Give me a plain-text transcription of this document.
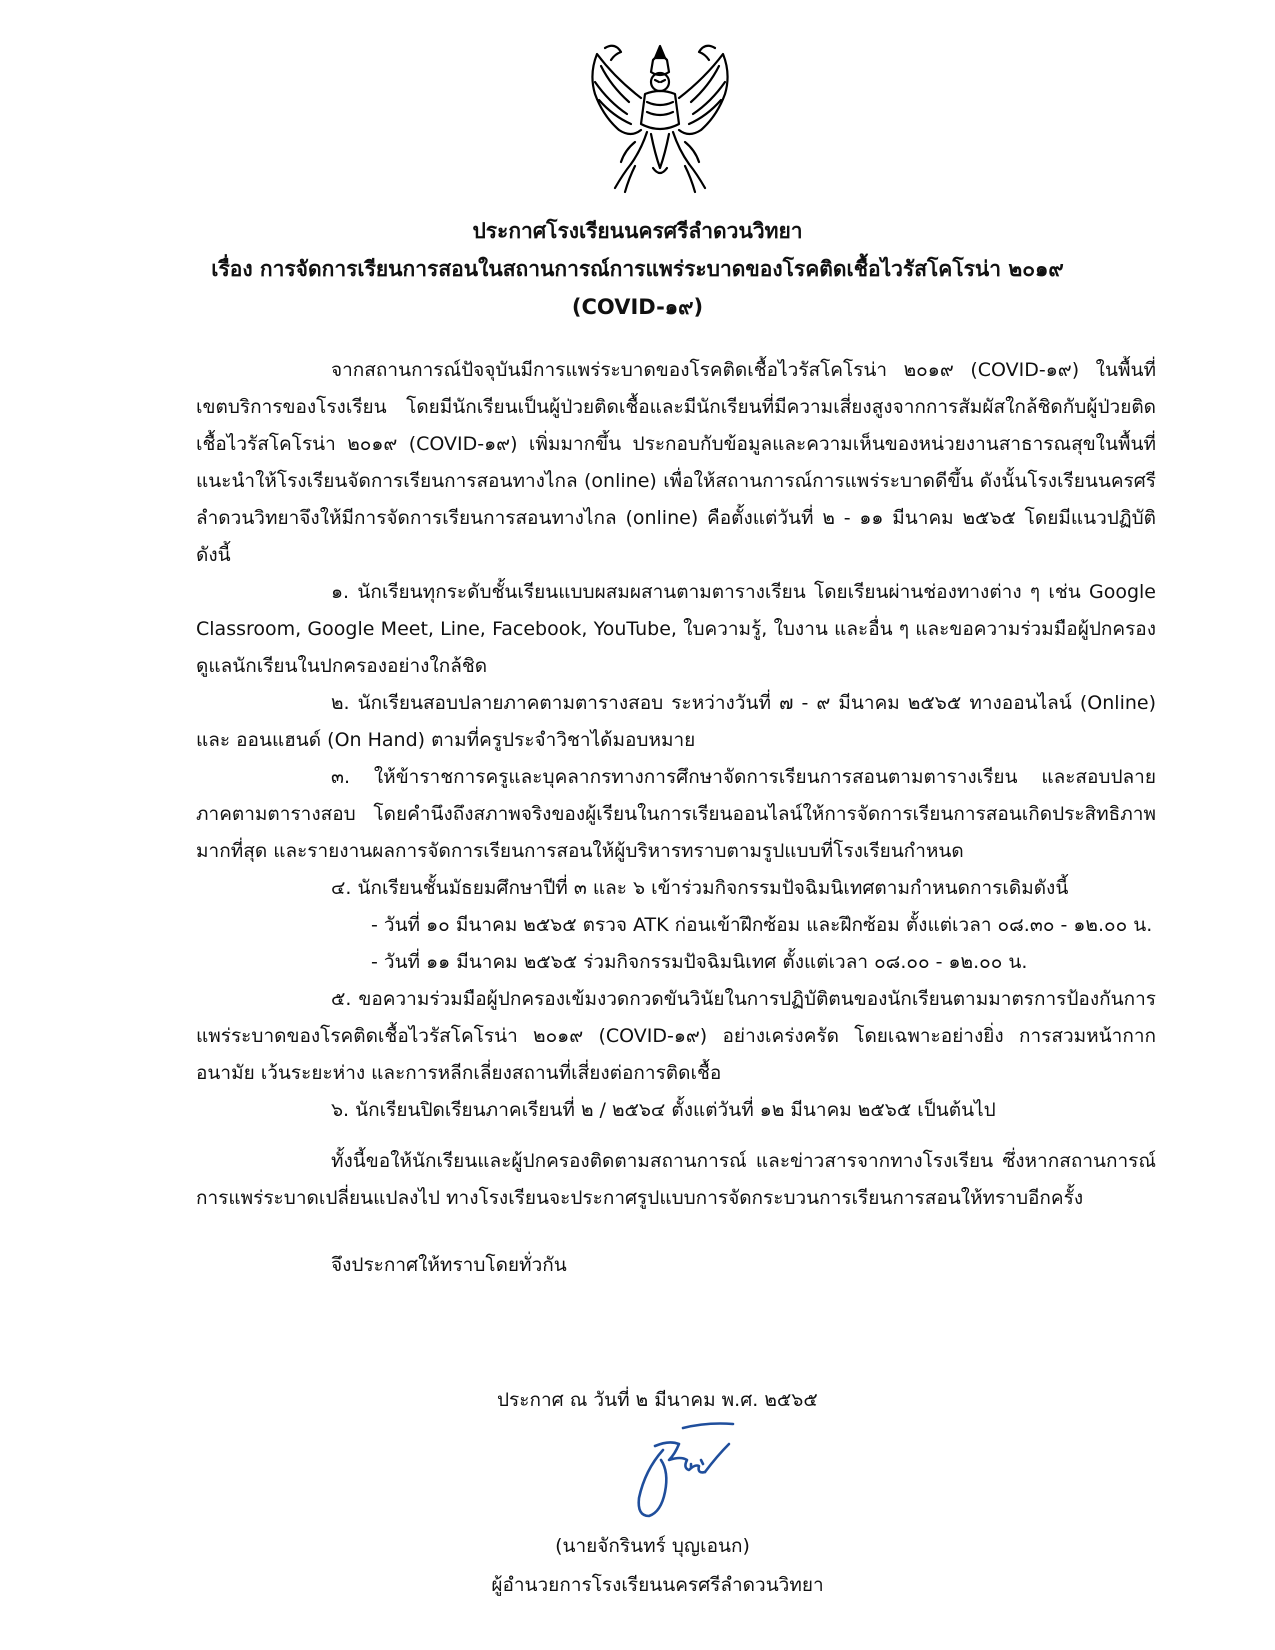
ประกาศโรงเรียนนครศรีลำดวนวิทยา
เรื่อง การจัดการเรียนการสอนในสถานการณ์การแพร่ระบาดของโรคติดเชื้อไวรัสโคโรน่า ๒๐๑๙
(COVID-๑๙)

จากสถานการณ์ปัจจุบันมีการแพร่ระบาดของโรคติดเชื้อไวรัสโคโรน่า ๒๐๑๙ (COVID-๑๙) ในพื้นที่เขตบริการของโรงเรียน โดยมีนักเรียนเป็นผู้ป่วยติดเชื้อและมีนักเรียนที่มีความเสี่ยงสูงจากการสัมผัสใกล้ชิดกับผู้ป่วยติดเชื้อไวรัสโคโรน่า ๒๐๑๙ (COVID-๑๙) เพิ่มมากขึ้น ประกอบกับข้อมูลและความเห็นของหน่วยงานสาธารณสุขในพื้นที่แนะนำให้โรงเรียนจัดการเรียนการสอนทางไกล (online) เพื่อให้สถานการณ์การแพร่ระบาดดีขึ้น ดังนั้นโรงเรียนนครศรีลำดวนวิทยาจึงให้มีการจัดการเรียนการสอนทางไกล (online) คือตั้งแต่วันที่ ๒ - ๑๑ มีนาคม ๒๕๖๕ โดยมีแนวปฏิบัติดังนี้

๑. นักเรียนทุกระดับชั้นเรียนแบบผสมผสานตามตารางเรียน โดยเรียนผ่านช่องทางต่าง ๆ เช่น Google Classroom, Google Meet, Line, Facebook, YouTube, ใบความรู้, ใบงาน และอื่น ๆ และขอความร่วมมือผู้ปกครองดูแลนักเรียนในปกครองอย่างใกล้ชิด

๒. นักเรียนสอบปลายภาคตามตารางสอบ ระหว่างวันที่ ๗ - ๙ มีนาคม ๒๕๖๕ ทางออนไลน์ (Online) และ ออนแฮนด์ (On Hand) ตามที่ครูประจำวิชาได้มอบหมาย

๓. ให้ข้าราชการครูและบุคลากรทางการศึกษาจัดการเรียนการสอนตามตารางเรียน และสอบปลายภาคตามตารางสอบ โดยคำนึงถึงสภาพจริงของผู้เรียนในการเรียนออนไลน์ให้การจัดการเรียนการสอนเกิดประสิทธิภาพมากที่สุด และรายงานผลการจัดการเรียนการสอนให้ผู้บริหารทราบตามรูปแบบที่โรงเรียนกำหนด

๔. นักเรียนชั้นมัธยมศึกษาปีที่ ๓ และ ๖ เข้าร่วมกิจกรรมปัจฉิมนิเทศตามกำหนดการเดิมดังนี้

- วันที่ ๑๐ มีนาคม ๒๕๖๕ ตรวจ ATK ก่อนเข้าฝึกซ้อม และฝึกซ้อม ตั้งแต่เวลา ๐๘.๓๐ - ๑๒.๐๐ น.

- วันที่ ๑๑ มีนาคม ๒๕๖๕ ร่วมกิจกรรมปัจฉิมนิเทศ ตั้งแต่เวลา ๐๘.๐๐ - ๑๒.๐๐ น.

๕. ขอความร่วมมือผู้ปกครองเข้มงวดกวดขันวินัยในการปฏิบัติตนของนักเรียนตามมาตรการป้องกันการแพร่ระบาดของโรคติดเชื้อไวรัสโคโรน่า ๒๐๑๙ (COVID-๑๙) อย่างเคร่งครัด โดยเฉพาะอย่างยิ่ง การสวมหน้ากากอนามัย เว้นระยะห่าง และการหลีกเลี่ยงสถานที่เสี่ยงต่อการติดเชื้อ

๖. นักเรียนปิดเรียนภาคเรียนที่ ๒ / ๒๕๖๔ ตั้งแต่วันที่ ๑๒ มีนาคม ๒๕๖๕ เป็นต้นไป

ทั้งนี้ขอให้นักเรียนและผู้ปกครองติดตามสถานการณ์ และข่าวสารจากทางโรงเรียน ซึ่งหากสถานการณ์การแพร่ระบาดเปลี่ยนแปลงไป ทางโรงเรียนจะประกาศรูปแบบการจัดกระบวนการเรียนการสอนให้ทราบอีกครั้ง

จึงประกาศให้ทราบโดยทั่วกัน

ประกาศ ณ วันที่ ๒ มีนาคม พ.ศ. ๒๕๖๕
(นายจักรินทร์ บุญเอนก)
ผู้อำนวยการโรงเรียนนครศรีลำดวนวิทยา
